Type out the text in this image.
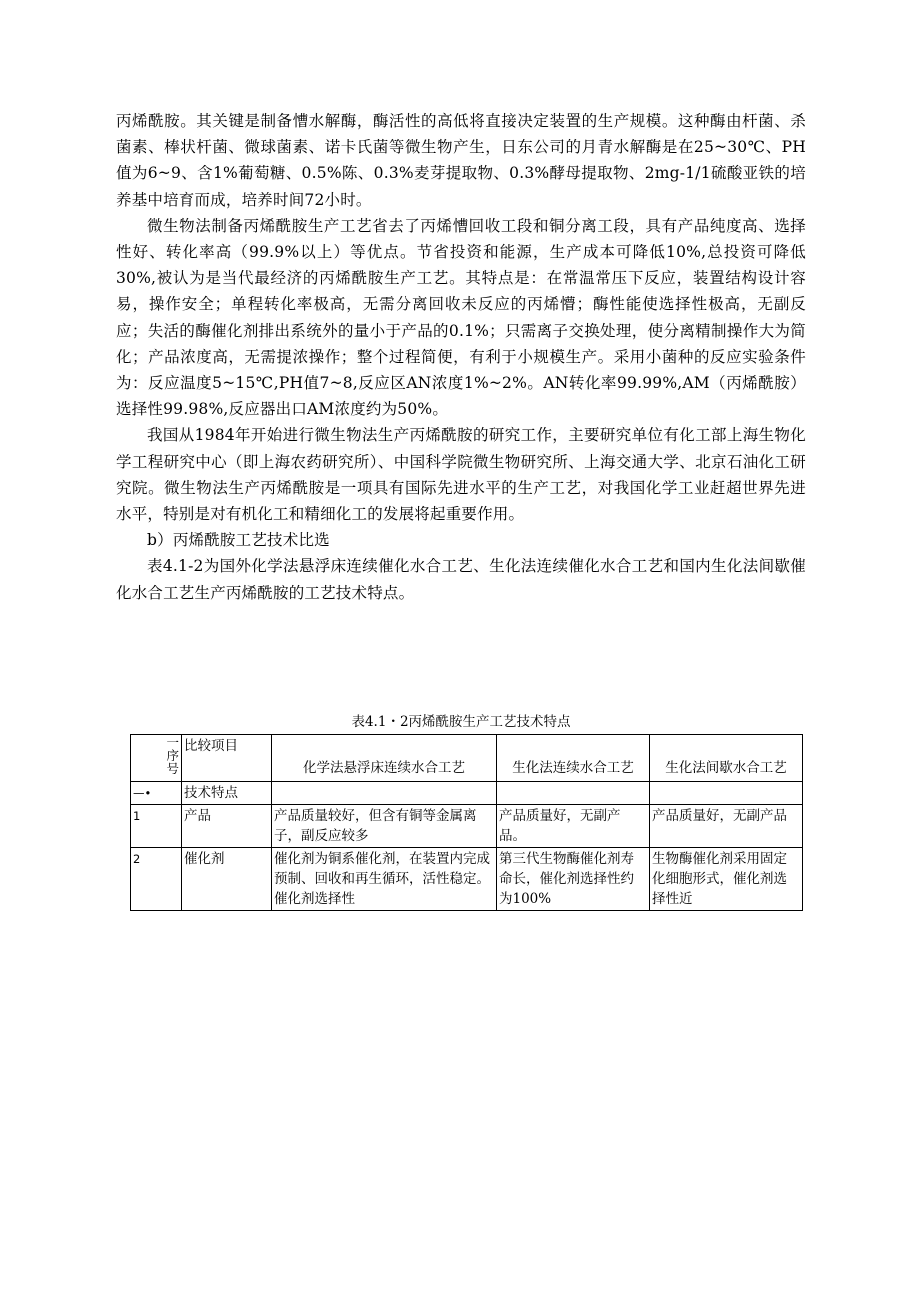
丙烯酰胺。其关键是制备慒水解酶，酶活性的高低将直接决定装置的生产规模。这种酶由杆菌、杀菌素、棒状杆菌、微球菌素、诺卡氏菌等微生物产生，日东公司的月青水解酶是在25~30℃、PH值为6~9、含1%葡萄糖、0.5%陈、0.3%麦芽提取物、0.3%酵母提取物、2mg-1/1硫酸亚铁的培养基中培育而成，培养时间72小时。

微生物法制备丙烯酰胺生产工艺省去了丙烯慒回收工段和铜分离工段，具有产品纯度高、选择性好、转化率高（99.9%以上）等优点。节省投资和能源，生产成本可降低10%,总投资可降低30%,被认为是当代最经济的丙烯酰胺生产工艺。其特点是：在常温常压下反应，装置结构设计容易，操作安全；单程转化率极高，无需分离回收未反应的丙烯懵；酶性能使选择性极高，无副反应；失活的酶催化剂排出系统外的量小于产品的0.1%；只需离子交换处理，使分离精制操作大为简化；产品浓度高，无需提浓操作；整个过程简便，有利于小规模生产。采用小菌种的反应实验条件为：反应温度5~15℃,PH值7~8,反应区AN浓度1%~2%。AN转化率99.99%,AM（丙烯酰胺）选择性99.98%,反应器出口AM浓度约为50%。

我国从1984年开始进行微生物法生产丙烯酰胺的研究工作，主要研究单位有化工部上海生物化学工程研究中心（即上海农药研究所）、中国科学院微生物研究所、上海交通大学、北京石油化工研究院。微生物法生产丙烯酰胺是一项具有国际先进水平的生产工艺，对我国化学工业赶超世界先进水平，特别是对有机化工和精细化工的发展将起重要作用。

b）丙烯酰胺工艺技术比选

表4.1-2为国外化学法悬浮床连续催化水合工艺、生化法连续催化水合工艺和国内生化法间歇催化水合工艺生产丙烯酰胺的工艺技术特点。

表4.1・2丙烯酰胺生产工艺技术特点
一
序
号	比较项目	化学法悬浮床连续水合工艺	生化法连续水合工艺	生化法间歇水合工艺

—•	技术特点			
1	产品	产品质量较好，但含有铜等金属离子，副反应较多	产品质量好，无副产品。	产品质量好，无副产品
2	催化剂	催化剂为铜系催化剂，在装置内完成预制、回收和再生循环，活性稳定。催化剂选择性	第三代生物酶催化剂寿命长，催化剂选择性约为100%	生物酶催化剂采用固定化细胞形式，催化剂选择性近
